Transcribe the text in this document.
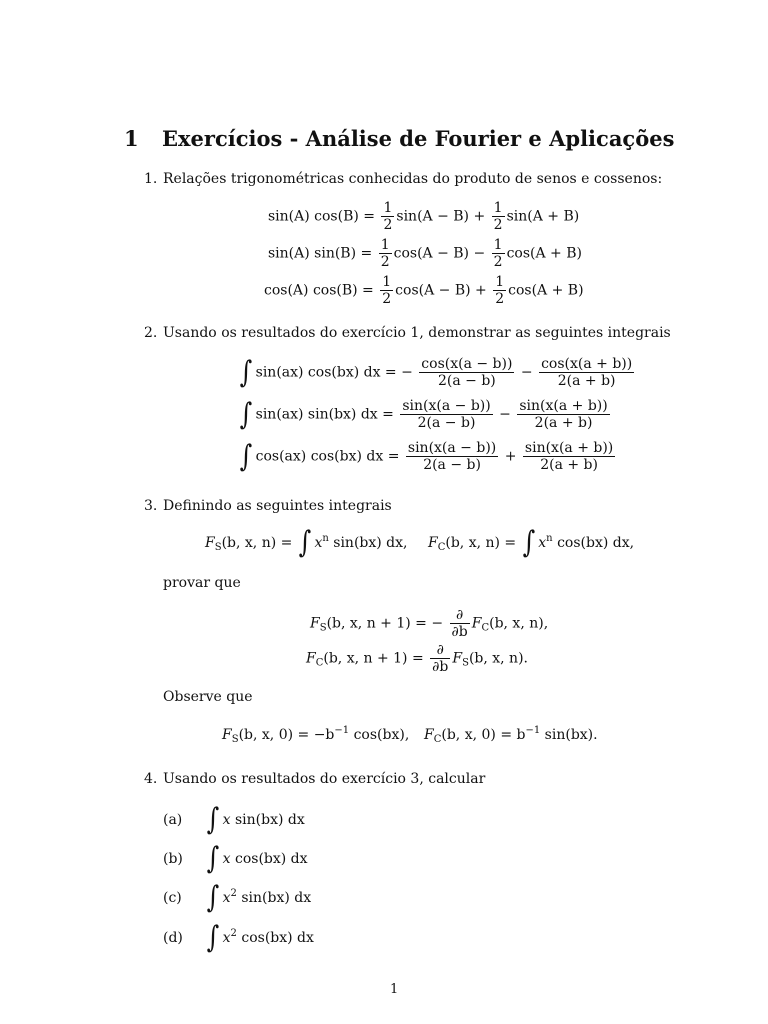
1 Exercícios - Análise de Fourier e Aplicações
1. Relações trigonométricas conhecidas do produto de senos e cossenos:
sin(A) $\cos(B) = \frac{1}{2} \sin(A - B) + \frac{1}{2} \sin(A + B)$
sin(A) $\sin(B) = \frac{1}{2} \cos(A - B) - \frac{1}{2} \cos(A + B)$
cos(A) $\cos(B) = \frac{1}{2} \cos(A - B) + \frac{1}{2} \cos(A + B)$
2. Usando os resultados do exercício 1, demonstrar as seguintes integrais
∫ sin(ax) cos(bx) dx = − $\frac{\cos(x(a - b))}{2(a - b)} - \frac{\cos(x(a + b))}{2(a + b)}$
∫ sin(ax) sin(bx) dx = $\frac{\sin(x(a - b))}{2(a - b)} - \frac{\sin(x(a + b))}{2(a + b)}$
∫ cos(ax) cos(bx) dx = $\frac{\sin(x(a - b))}{2(a - b)} + \frac{\sin(x(a + b))}{2(a + b)}$
3. Definindo as seguintes integrais
$F_S(b$, x, n) = ∫ $x^n$ sin(bx) dx, $F_C(b$, x, n) = ∫ $x^n$ cos(bx) dx,
provar que
$F_S(b$, x, n + 1) = − $\frac{\partial}{\partial b} F_C(b$, x, n),
$F_C(b$, x, $n + 1) = \frac{\partial}{\partial b} F_S(b$, x, n).
Observe que
$F_S(b$, x, $0) = -b^{-1}$ cos(bx), $F_C(b$, x, $0) = b^{-1}$ sin(bx).
4. Usando os resultados do exercício 3, calcular
(a) ∫ x sin(bx) dx
(b) ∫ x cos(bx) dx
(c) ∫ $x^2$ sin(bx) dx
(d) ∫ $x^2$ cos(bx) dx
1
